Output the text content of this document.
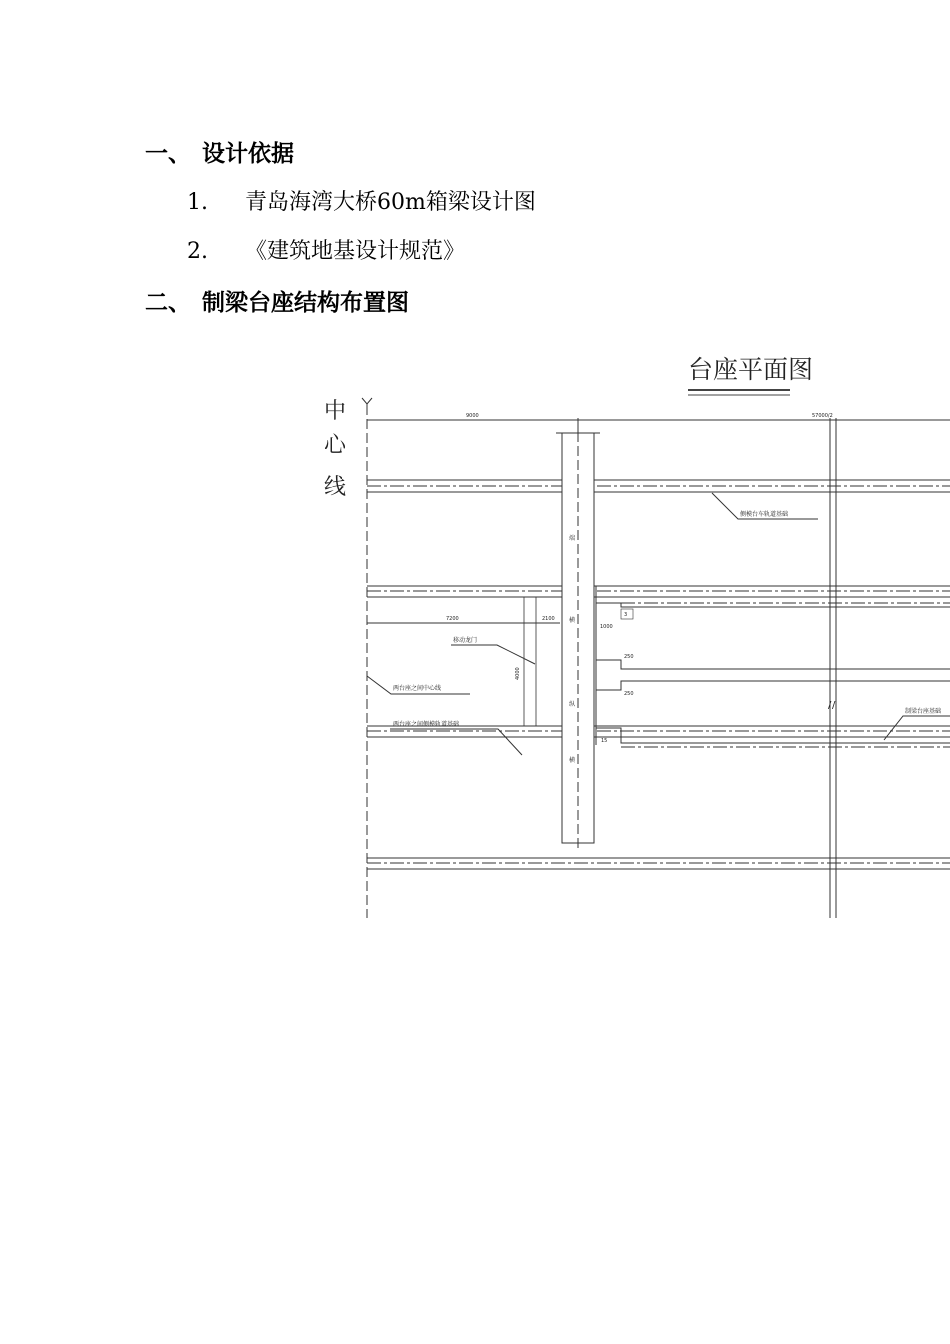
一、 设计依据
1. 青岛海湾大桥60m箱梁设计图
2. 《建筑地基设计规范》
二、 制梁台座结构布置图
台座平面图
中
心
线
9000	57000/2
端
横
纵
横
1000
3
250
250
15
7200	2100
4000
/ /
侧模台车轨道基础
移动龙门
两台座之间中心线
两台座之间侧模轨道基础
制梁台座基础
